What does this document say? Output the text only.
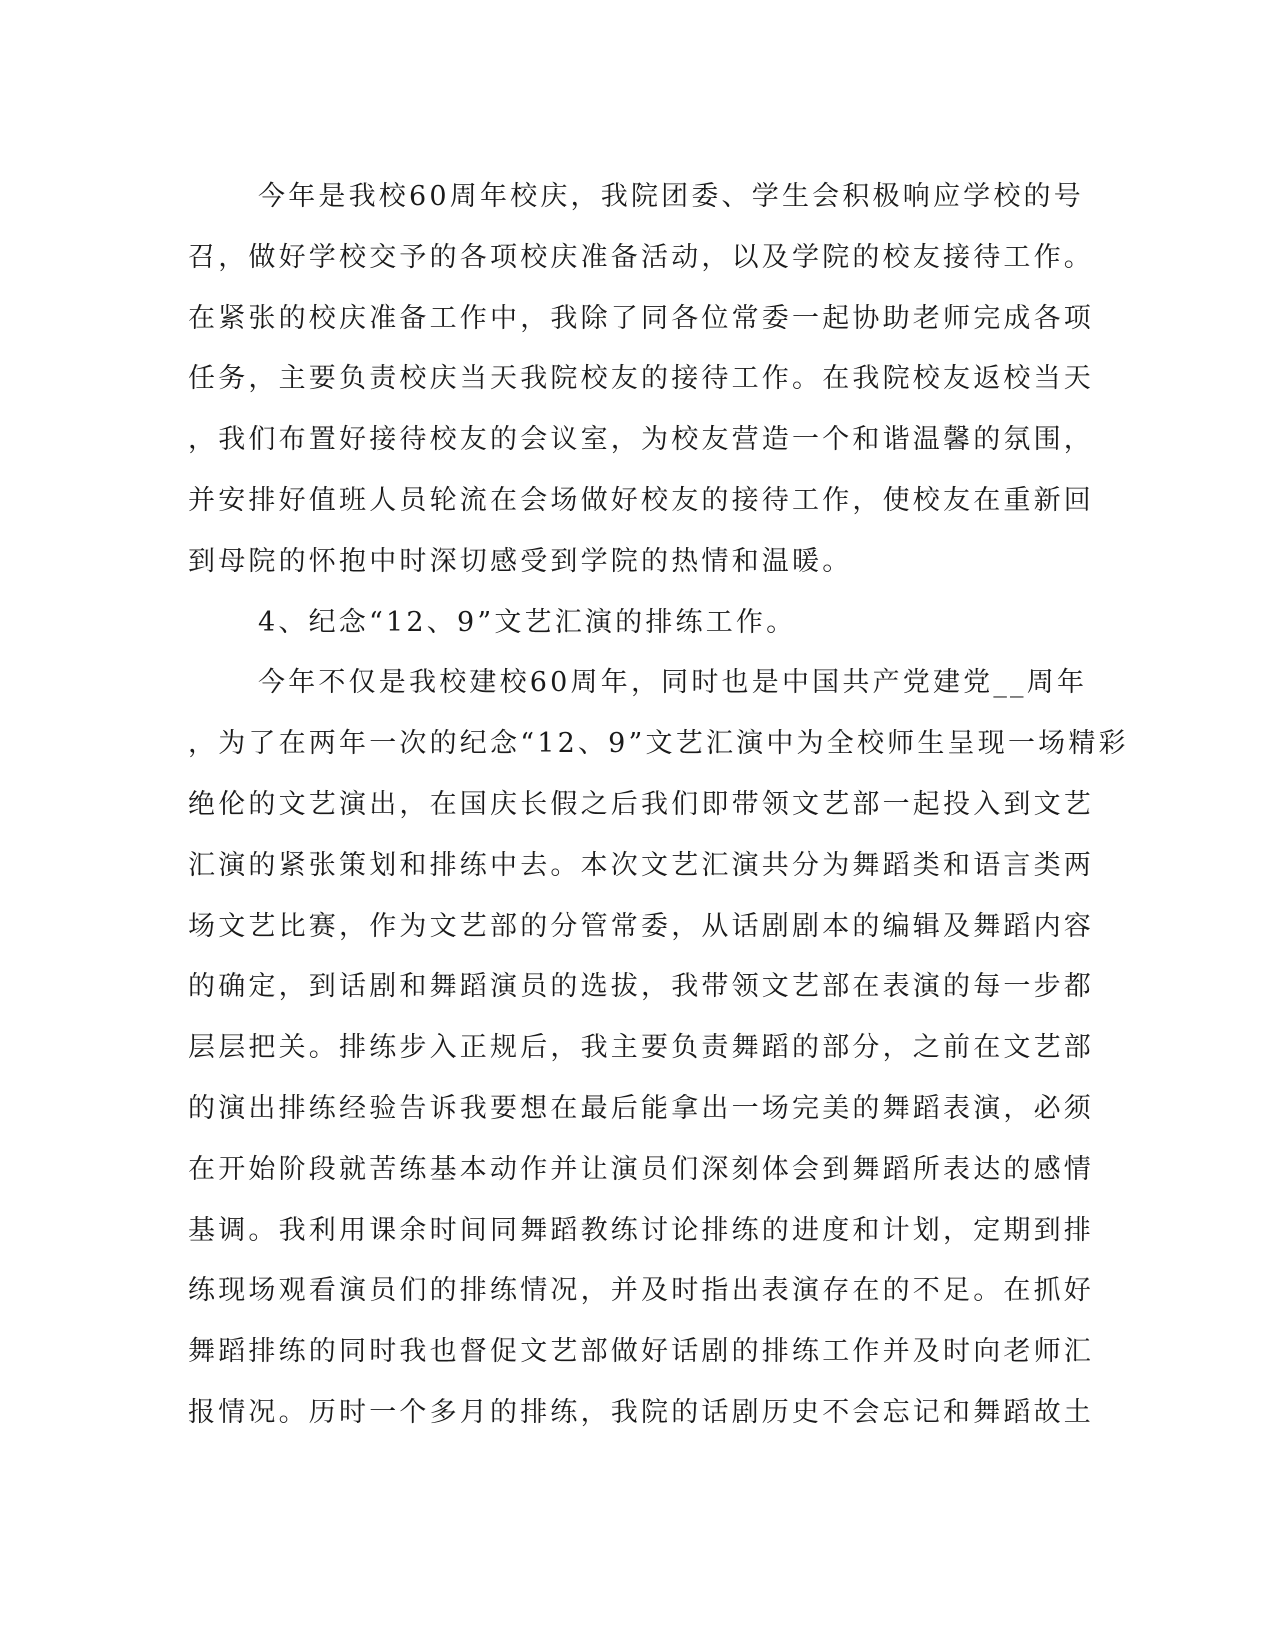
今年是我校60周年校庆，我院团委、学生会积极响应学校的号
召，做好学校交予的各项校庆准备活动，以及学院的校友接待工作。
在紧张的校庆准备工作中，我除了同各位常委一起协助老师完成各项
任务，主要负责校庆当天我院校友的接待工作。在我院校友返校当天
，我们布置好接待校友的会议室，为校友营造一个和谐温馨的氛围，
并安排好值班人员轮流在会场做好校友的接待工作，使校友在重新回
到母院的怀抱中时深切感受到学院的热情和温暖。
4、纪念“12、9”文艺汇演的排练工作。
今年不仅是我校建校60周年，同时也是中国共产党建党__周年
，为了在两年一次的纪念“12、9”文艺汇演中为全校师生呈现一场精彩
绝伦的文艺演出，在国庆长假之后我们即带领文艺部一起投入到文艺
汇演的紧张策划和排练中去。本次文艺汇演共分为舞蹈类和语言类两
场文艺比赛，作为文艺部的分管常委，从话剧剧本的编辑及舞蹈内容
的确定，到话剧和舞蹈演员的选拔，我带领文艺部在表演的每一步都
层层把关。排练步入正规后，我主要负责舞蹈的部分，之前在文艺部
的演出排练经验告诉我要想在最后能拿出一场完美的舞蹈表演，必须
在开始阶段就苦练基本动作并让演员们深刻体会到舞蹈所表达的感情
基调。我利用课余时间同舞蹈教练讨论排练的进度和计划，定期到排
练现场观看演员们的排练情况，并及时指出表演存在的不足。在抓好
舞蹈排练的同时我也督促文艺部做好话剧的排练工作并及时向老师汇
报情况。历时一个多月的排练，我院的话剧历史不会忘记和舞蹈故土
